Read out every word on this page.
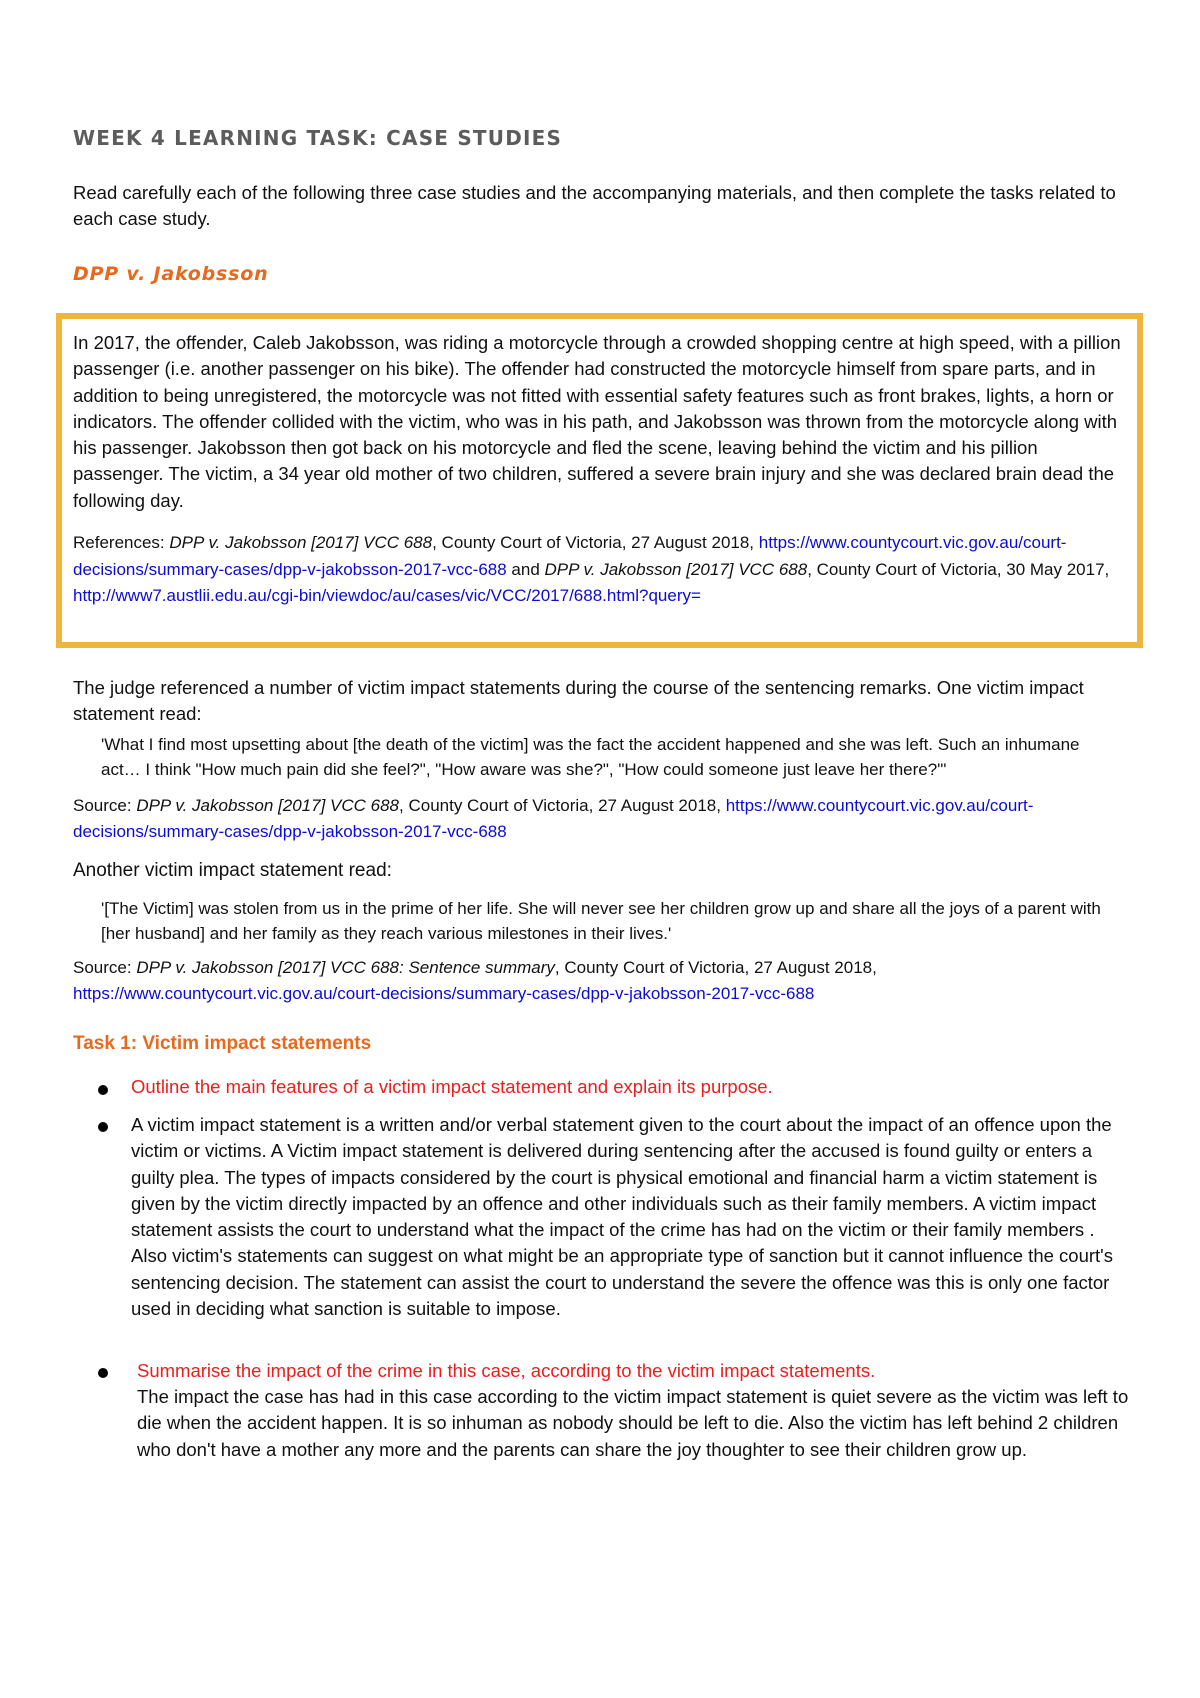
WEEK 4 LEARNING TASK: CASE STUDIES

Read carefully each of the following three case studies and the accompanying materials, and then complete the tasks related to each case study.

DPP v. Jakobsson

In 2017, the offender, Caleb Jakobsson, was riding a motorcycle through a crowded shopping centre at high speed, with a pillion passenger (i.e. another passenger on his bike). The offender had constructed the motorcycle himself from spare parts, and in addition to being unregistered, the motorcycle was not fitted with essential safety features such as front brakes, lights, a horn or indicators. The offender collided with the victim, who was in his path, and Jakobsson was thrown from the motorcycle along with his passenger. Jakobsson then got back on his motorcycle and fled the scene, leaving behind the victim and his pillion passenger. The victim, a 34 year old mother of two children, suffered a severe brain injury and she was declared brain dead the following day.

References: DPP v. Jakobsson [2017] VCC 688, County Court of Victoria, 27 August 2018, https://www.countycourt.vic.gov.au/court-decisions/summary-cases/dpp-v-jakobsson-2017-vcc-688 and DPP v. Jakobsson [2017] VCC 688, County Court of Victoria, 30 May 2017, http://www7.austlii.edu.au/cgi-bin/viewdoc/au/cases/vic/VCC/2017/688.html?query=

The judge referenced a number of victim impact statements during the course of the sentencing remarks. One victim impact statement read:

'What I find most upsetting about [the death of the victim] was the fact the accident happened and she was left. Such an inhumane act… I think "How much pain did she feel?", "How aware was she?", "How could someone just leave her there?"'

Source: DPP v. Jakobsson [2017] VCC 688, County Court of Victoria, 27 August 2018, https://www.countycourt.vic.gov.au/court-decisions/summary-cases/dpp-v-jakobsson-2017-vcc-688

Another victim impact statement read:

'[The Victim] was stolen from us in the prime of her life. She will never see her children grow up and share all the joys of a parent with [her husband] and her family as they reach various milestones in their lives.'

Source: DPP v. Jakobsson [2017] VCC 688: Sentence summary, County Court of Victoria, 27 August 2018, https://www.countycourt.vic.gov.au/court-decisions/summary-cases/dpp-v-jakobsson-2017-vcc-688

Task 1: Victim impact statements

Outline the main features of a victim impact statement and explain its purpose.

A victim impact statement is a written and/or verbal statement given to the court about the impact of an offence upon the victim or victims. A Victim impact statement is delivered during sentencing after the accused is found guilty or enters a guilty plea. The types of impacts considered by the court is physical emotional and financial harm a victim statement is given by the victim directly impacted by an offence and other individuals such as their family members. A victim impact statement assists the court to understand what the impact of the crime has had on the victim or their family members . Also victim's statements can suggest on what might be an appropriate type of sanction but it cannot influence the court's sentencing decision. The statement can assist the court to understand the severe the offence was this is only one factor used in deciding what sanction is suitable to impose.

Summarise the impact of the crime in this case, according to the victim impact statements.

The impact the case has had in this case according to the victim impact statement is quiet severe as the victim was left to die when the accident happen. It is so inhuman as nobody should be left to die. Also the victim has left behind 2 children who don't have a mother any more and the parents can share the joy thoughter to see their children grow up.
